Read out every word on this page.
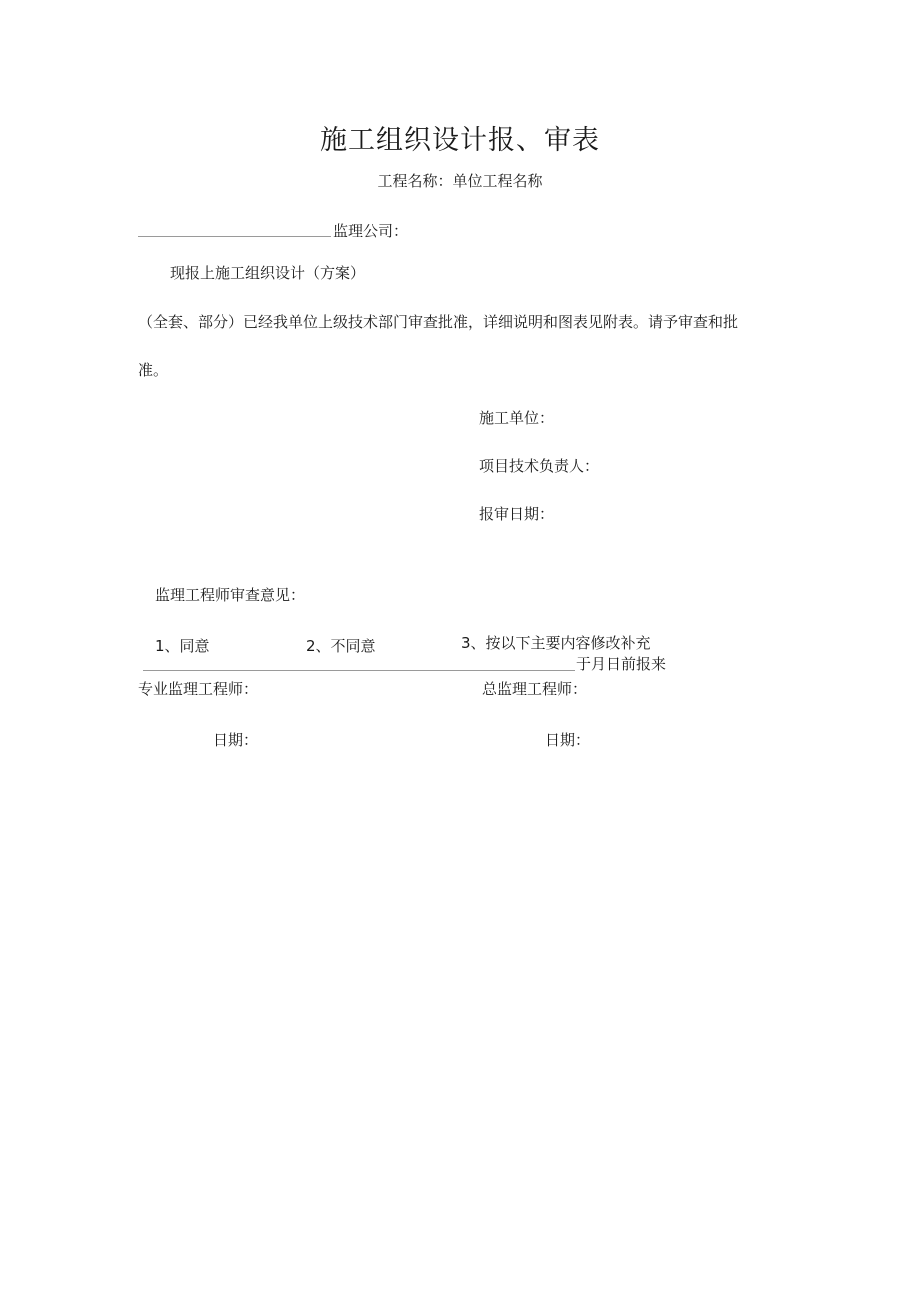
施工组织设计报、审表
工程名称：单位工程名称
监理公司：
现报上施工组织设计（方案）
（全套、部分）已经我单位上级技术部门审查批准，详细说明和图表见附表。请予审查和批
准。
施工单位：
项目技术负责人：
报审日期：
监理工程师审查意见：
1、同意	2、不同意	3、按以下主要内容修改补充
于月日前报来
专业监理工程师：	总监理工程师：
日期：	日期：
